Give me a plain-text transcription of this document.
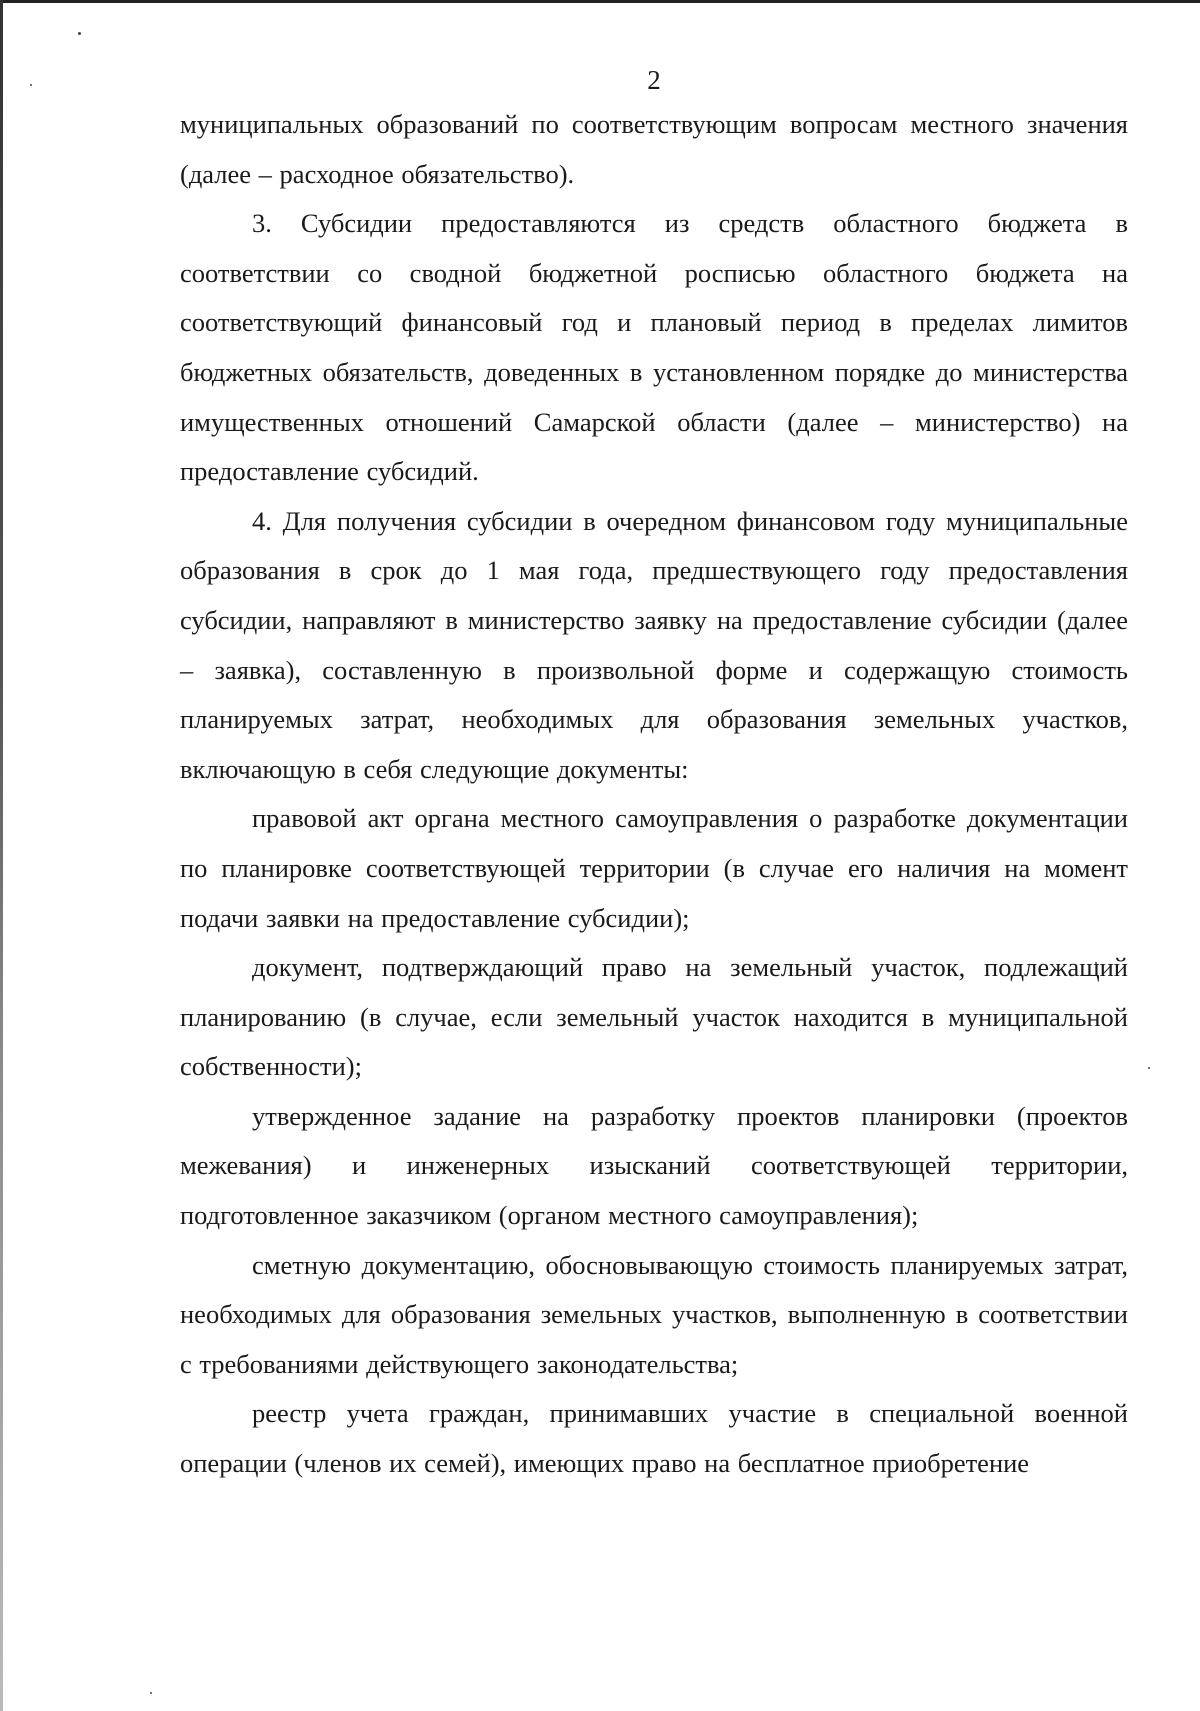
2

муниципальных образований по соответствующим вопросам местного значения (далее – расходное обязательство).

3. Субсидии предоставляются из средств областного бюджета в соответствии со сводной бюджетной росписью областного бюджета на соответствующий финансовый год и плановый период в пределах лимитов бюджетных обязательств, доведенных в установленном порядке до министерства имущественных отношений Самарской области (далее – министерство) на предоставление субсидий.

4. Для получения субсидии в очередном финансовом году муниципальные образования в срок до 1 мая года, предшествующего году предоставления субсидии, направляют в министерство заявку на предоставление субсидии (далее – заявка), составленную в произвольной форме и содержащую стоимость планируемых затрат, необходимых для образования земельных участков, включающую в себя следующие документы:

правовой акт органа местного самоуправления о разработке документации по планировке соответствующей территории (в случае его наличия на момент подачи заявки на предоставление субсидии);

документ, подтверждающий право на земельный участок, подлежащий планированию (в случае, если земельный участок находится в муниципальной собственности);

утвержденное задание на разработку проектов планировки (проектов межевания) и инженерных изысканий соответствующей территории, подготовленное заказчиком (органом местного самоуправления);

сметную документацию, обосновывающую стоимость планируемых затрат, необходимых для образования земельных участков, выполненную в соответствии с требованиями действующего законодательства;

реестр учета граждан, принимавших участие в специальной военной операции (членов их семей), имеющих право на бесплатное приобретение
